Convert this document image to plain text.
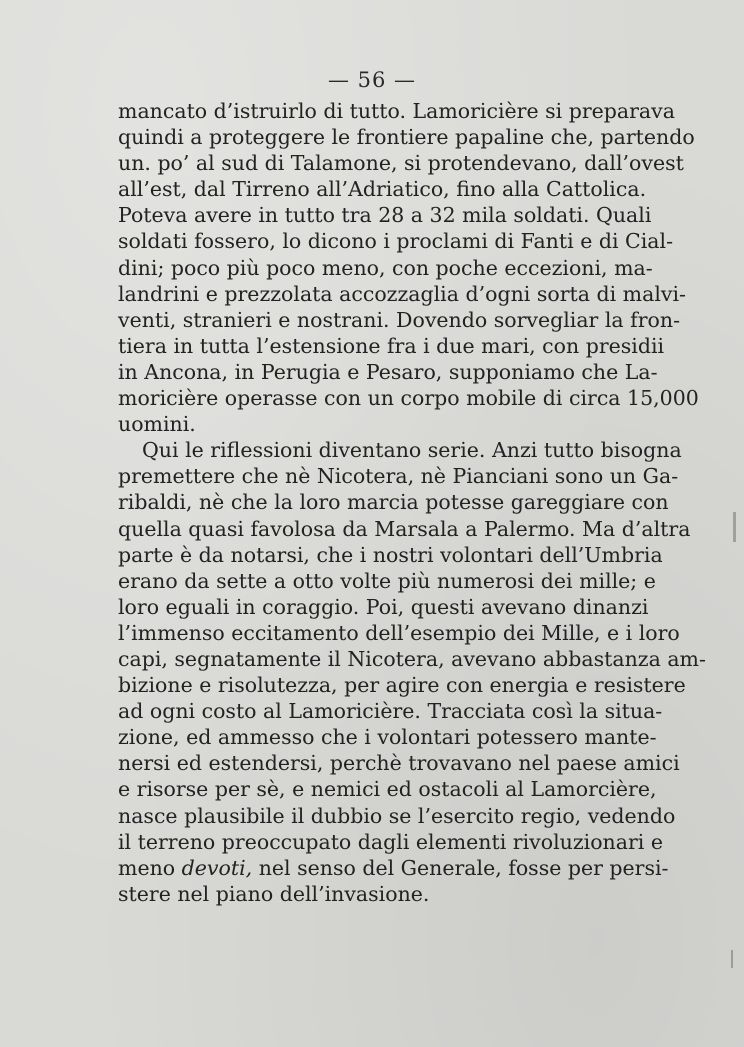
— 56 —
mancato d’istruirlo di tutto. Lamoricière si preparava
quindi a proteggere le frontiere papaline che, partendo
un. po’ al sud di Talamone, si protendevano, dall’ovest
all’est, dal Tirreno all’Adriatico, fino alla Cattolica.
Poteva avere in tutto tra 28 a 32 mila soldati. Quali
soldati fossero, lo dicono i proclami di Fanti e di Cial-
dini; poco più poco meno, con poche eccezioni, ma-
landrini e prezzolata accozzaglia d’ogni sorta di malvi-
venti, stranieri e nostrani. Dovendo sorvegliar la fron-
tiera in tutta l’estensione fra i due mari, con presidii
in Ancona, in Perugia e Pesaro, supponiamo che La-
moricière operasse con un corpo mobile di circa 15,000
uomini.
Qui le riflessioni diventano serie. Anzi tutto bisogna
premettere che nè Nicotera, nè Pianciani sono un Ga-
ribaldi, nè che la loro marcia potesse gareggiare con
quella quasi favolosa da Marsala a Palermo. Ma d’altra
parte è da notarsi, che i nostri volontari dell’Umbria
erano da sette a otto volte più numerosi dei mille; e
loro eguali in coraggio. Poi, questi avevano dinanzi
l’immenso eccitamento dell’esempio dei Mille, e i loro
capi, segnatamente il Nicotera, avevano abbastanza am-
bizione e risolutezza, per agire con energia e resistere
ad ogni costo al Lamoricière. Tracciata così la situa-
zione, ed ammesso che i volontari potessero mante-
nersi ed estendersi, perchè trovavano nel paese amici
e risorse per sè, e nemici ed ostacoli al Lamorcière,
nasce plausibile il dubbio se l’esercito regio, vedendo
il terreno preoccupato dagli elementi rivoluzionari e
meno devoti, nel senso del Generale, fosse per persi-
stere nel piano dell’invasione.
